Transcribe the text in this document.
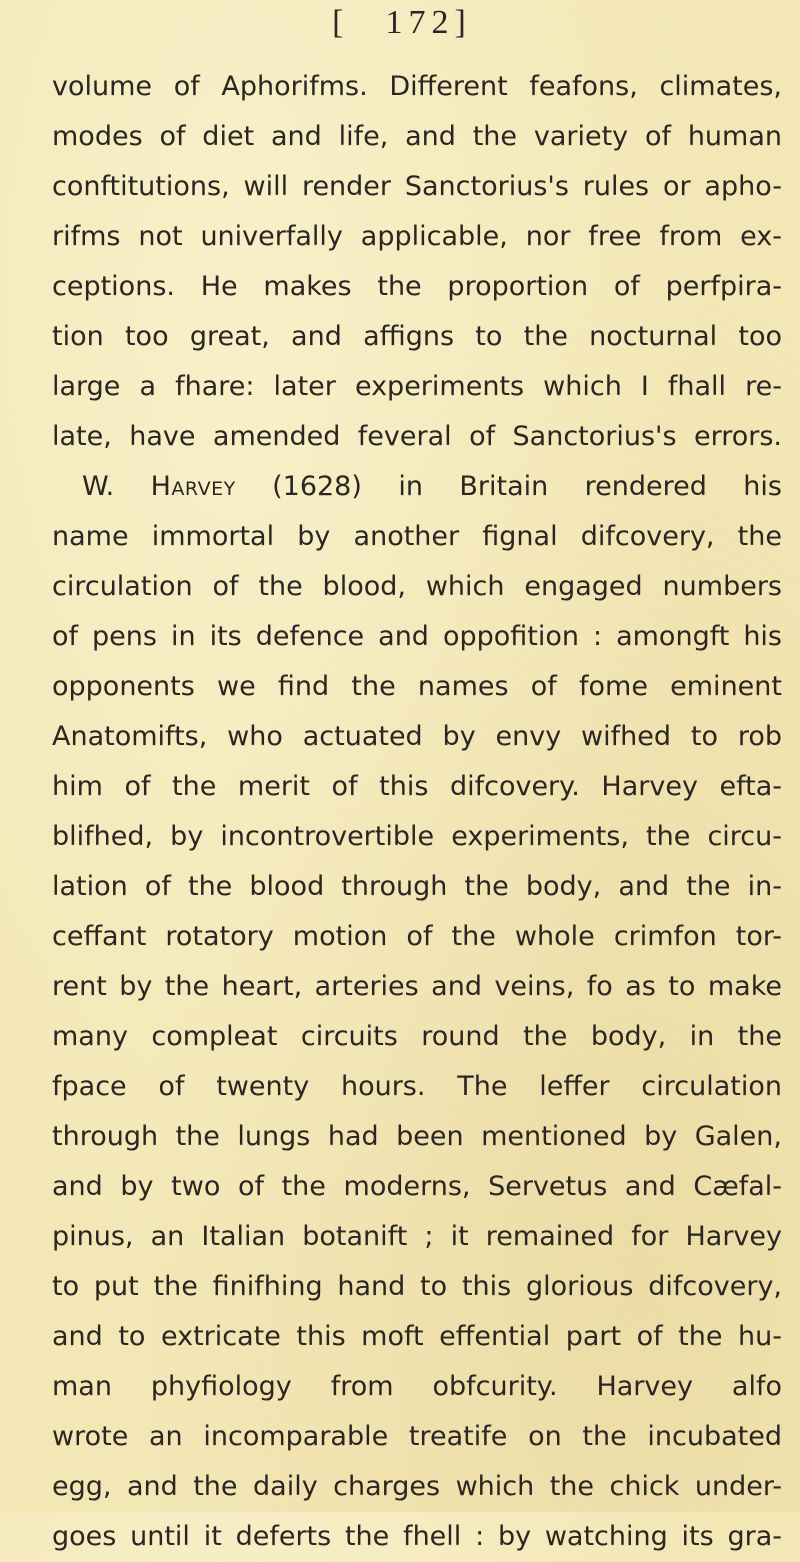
[ 172]
volume of Aphorifms. Different feafons, climates,
modes of diet and life, and the variety of human
conftitutions, will render Sanctorius's rules or apho-
rifms not univerfally applicable, nor free from ex-
ceptions. He makes the proportion of perfpira-
tion too great, and affigns to the nocturnal too
large a fhare: later experiments which I fhall re-
late, have amended feveral of Sanctorius's errors.
W. Harvey (1628) in Britain rendered his
name immortal by another fignal difcovery, the
circulation of the blood, which engaged numbers
of pens in its defence and oppofition : amongft his
opponents we find the names of fome eminent
Anatomifts, who actuated by envy wifhed to rob
him of the merit of this difcovery. Harvey efta-
blifhed, by incontrovertible experiments, the circu-
lation of the blood through the body, and the in-
ceffant rotatory motion of the whole crimfon tor-
rent by the heart, arteries and veins, fo as to make
many compleat circuits round the body, in the
fpace of twenty hours. The leffer circulation
through the lungs had been mentioned by Galen,
and by two of the moderns, Servetus and Cæfal-
pinus, an Italian botanift ; it remained for Harvey
to put the finifhing hand to this glorious difcovery,
and to extricate this moft effential part of the hu-
man phyfiology from obfcurity. Harvey alfo
wrote an incomparable treatife on the incubated
egg, and the daily charges which the chick under-
goes until it deferts the fhell : by watching its gra-
